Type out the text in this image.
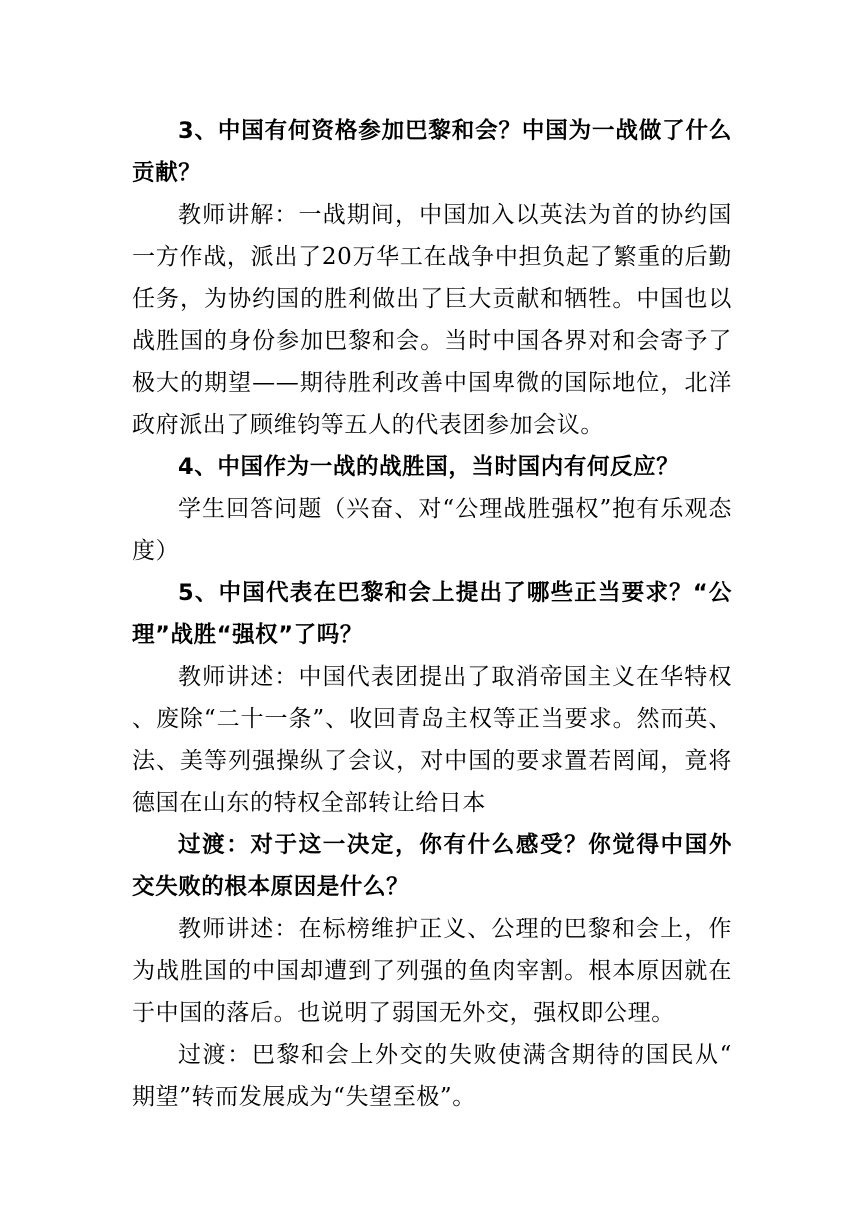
3、中国有何资格参加巴黎和会？中国为一战做了什么贡献？

教师讲解：一战期间，中国加入以英法为首的协约国一方作战，派出了20万华工在战争中担负起了繁重的后勤任务，为协约国的胜利做出了巨大贡献和牺牲。中国也以战胜国的身份参加巴黎和会。当时中国各界对和会寄予了极大的期望——期待胜利改善中国卑微的国际地位，北洋政府派出了顾维钧等五人的代表团参加会议。

4、中国作为一战的战胜国，当时国内有何反应？

学生回答问题（兴奋、对“公理战胜强权”抱有乐观态度）

5、中国代表在巴黎和会上提出了哪些正当要求？“公理”战胜“强权”了吗？

教师讲述：中国代表团提出了取消帝国主义在华特权、废除“二十一条”、收回青岛主权等正当要求。然而英、法、美等列强操纵了会议，对中国的要求置若罔闻，竟将德国在山东的特权全部转让给日本

过渡：对于这一决定，你有什么感受？你觉得中国外交失败的根本原因是什么？

教师讲述：在标榜维护正义、公理的巴黎和会上，作为战胜国的中国却遭到了列强的鱼肉宰割。根本原因就在于中国的落后。也说明了弱国无外交，强权即公理。

过渡：巴黎和会上外交的失败使满含期待的国民从“期望”转而发展成为“失望至极”。
